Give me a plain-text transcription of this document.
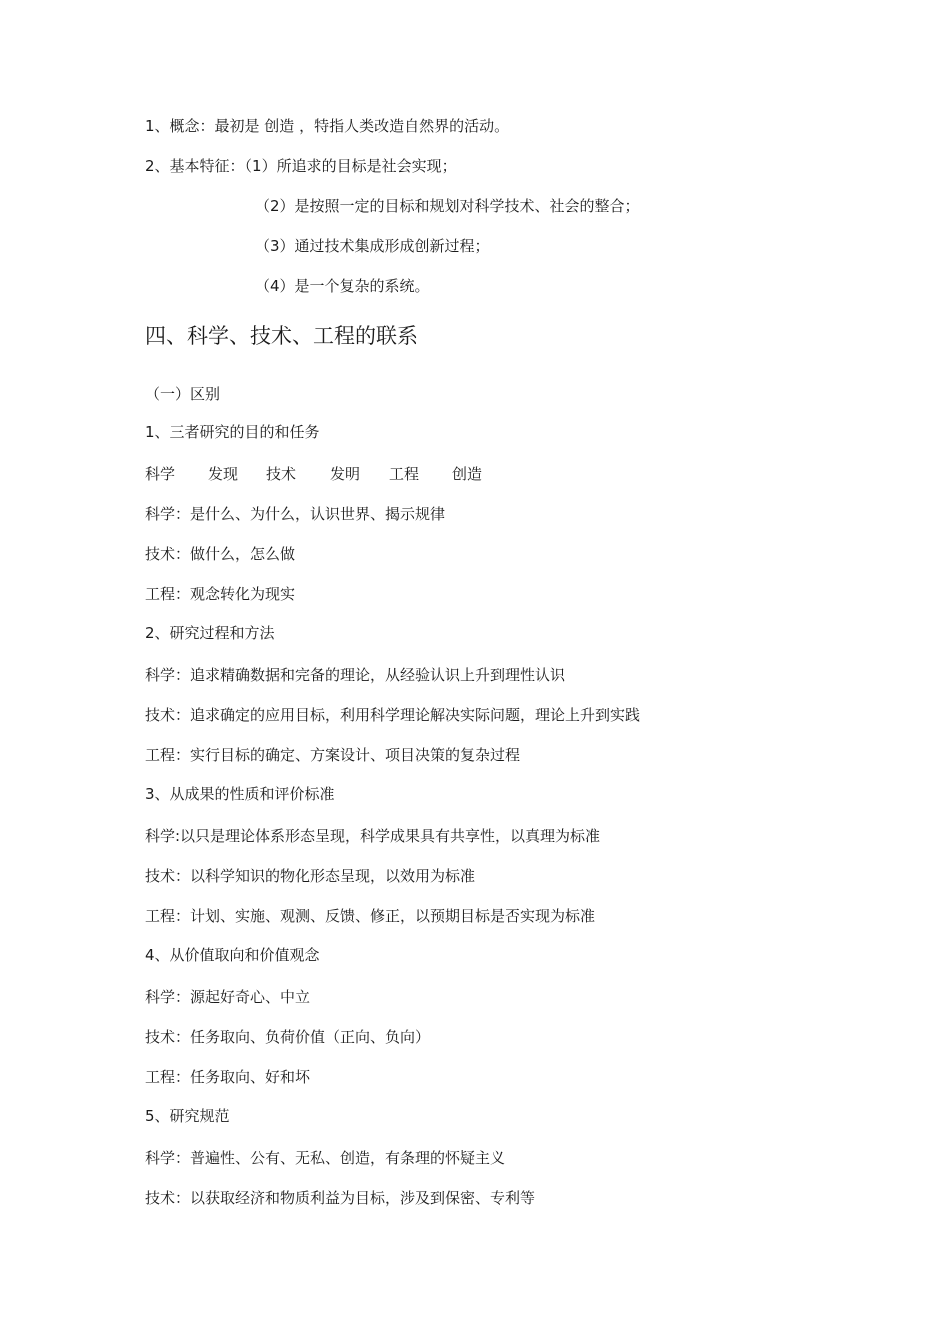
1、概念：最初是 创造 ，特指人类改造自然界的活动。
2、基本特征：（1）所追求的目标是社会实现；
（2）是按照一定的目标和规划对科学技术、社会的整合；
（3）通过技术集成形成创新过程；
（4）是一个复杂的系统。
四、科学、技术、工程的联系
（一）区别
1、三者研究的目的和任务
科学	发现	技术	发明	工程	创造
科学：是什么、为什么，认识世界、揭示规律
技术：做什么，怎么做
工程：观念转化为现实
2、研究过程和方法
科学：追求精确数据和完备的理论，从经验认识上升到理性认识
技术：追求确定的应用目标，利用科学理论解决实际问题，理论上升到实践
工程：实行目标的确定、方案设计、项目决策的复杂过程
3、从成果的性质和评价标准
科学:以只是理论体系形态呈现，科学成果具有共享性，以真理为标准
技术：以科学知识的物化形态呈现，以效用为标准
工程：计划、实施、观测、反馈、修正，以预期目标是否实现为标准
4、从价值取向和价值观念
科学：源起好奇心、中立
技术：任务取向、负荷价值（正向、负向）
工程：任务取向、好和坏
5、研究规范
科学：普遍性、公有、无私、创造，有条理的怀疑主义
技术：以获取经济和物质利益为目标，涉及到保密、专利等
